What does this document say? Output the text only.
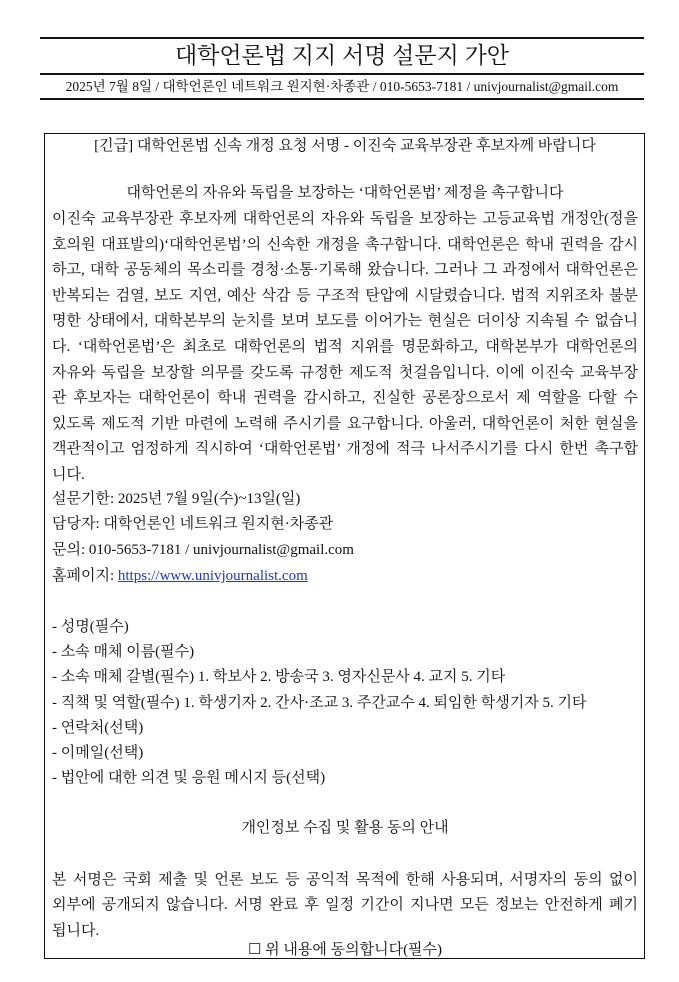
대학언론법 지지 서명 설문지 가안
2025년 7월 8일 / 대학언론인 네트워크 원지현·차종관 / 010-5653-7181 / univjournalist@gmail.com
[긴급] 대학언론법 신속 개정 요청 서명 - 이진숙 교육부장관 후보자께 바랍니다
대학언론의 자유와 독립을 보장하는 ‘대학언론법’ 제정을 촉구합니다
이진숙 교육부장관 후보자께 대학언론의 자유와 독립을 보장하는 고등교육법 개정안(정을
호의원 대표발의)‘대학언론법’의 신속한 개정을 촉구합니다. 대학언론은 학내 권력을 감시
하고, 대학 공동체의 목소리를 경청·소통·기록해 왔습니다. 그러나 그 과정에서 대학언론은
반복되는 검열, 보도 지연, 예산 삭감 등 구조적 탄압에 시달렸습니다. 법적 지위조차 불분
명한 상태에서, 대학본부의 눈치를 보며 보도를 이어가는 현실은 더이상 지속될 수 없습니
다. ‘대학언론법’은 최초로 대학언론의 법적 지위를 명문화하고, 대학본부가 대학언론의
자유와 독립을 보장할 의무를 갖도록 규정한 제도적 첫걸음입니다. 이에 이진숙 교육부장
관 후보자는 대학언론이 학내 권력을 감시하고, 진실한 공론장으로서 제 역할을 다할 수
있도록 제도적 기반 마련에 노력해 주시기를 요구합니다. 아울러, 대학언론이 처한 현실을
객관적이고 엄정하게 직시하여 ‘대학언론법’ 개정에 적극 나서주시기를 다시 한번 촉구합
니다.
설문기한: 2025년 7월 9일(수)~13일(일)
담당자: 대학언론인 네트워크 원지현·차종관
문의: 010-5653-7181 / univjournalist@gmail.com
홈페이지: https://www.univjournalist.com
- 성명(필수)
- 소속 매체 이름(필수)
- 소속 매체 갈별(필수) 1. 학보사 2. 방송국 3. 영자신문사 4. 교지 5. 기타
- 직책 및 역할(필수) 1. 학생기자 2. 간사·조교 3. 주간교수 4. 퇴임한 학생기자 5. 기타
- 연락처(선택)
- 이메일(선택)
- 법안에 대한 의견 및 응원 메시지 등(선택)
개인정보 수집 및 활용 동의 안내
본 서명은 국회 제출 및 언론 보도 등 공익적 목적에 한해 사용되며, 서명자의 동의 없이
외부에 공개되지 않습니다. 서명 완료 후 일정 기간이 지나면 모든 정보는 안전하게 폐기
됩니다.
☐ 위 내용에 동의합니다(필수)
